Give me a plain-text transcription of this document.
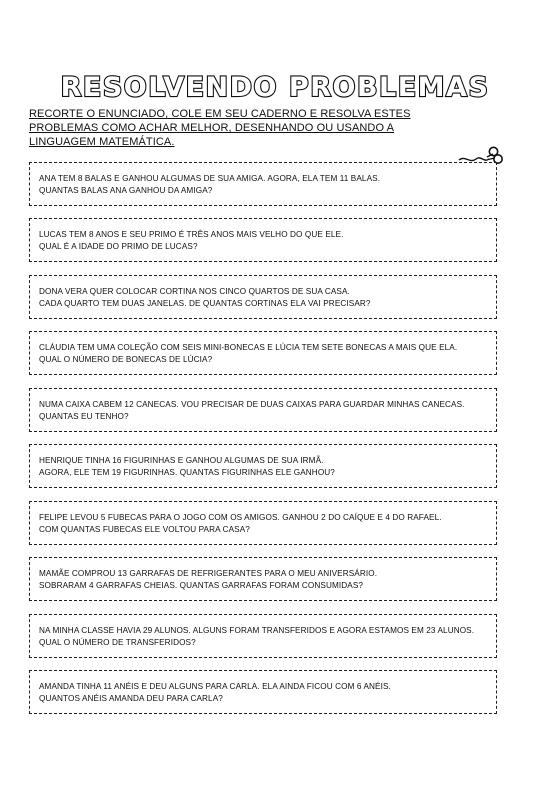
RESOLVENDO PROBLEMAS
RECORTE O ENUNCIADO, COLE EM SEU CADERNO E RESOLVA ESTES
PROBLEMAS COMO ACHAR MELHOR, DESENHANDO OU USANDO A
LINGUAGEM MATEMÁTICA.
ANA TEM 8 BALAS E GANHOU ALGUMAS DE SUA AMIGA. AGORA, ELA TEM 11 BALAS.
QUANTAS BALAS ANA GANHOU DA AMIGA?
LUCAS TEM 8 ANOS E SEU PRIMO É TRÊS ANOS MAIS VELHO DO QUE ELE.
QUAL É A IDADE DO PRIMO DE LUCAS?
DONA VERA QUER COLOCAR CORTINA NOS CINCO QUARTOS DE SUA CASA.
CADA QUARTO TEM DUAS JANELAS. DE QUANTAS CORTINAS ELA VAI PRECISAR?
CLÁUDIA TEM UMA COLEÇÃO COM SEIS MINI-BONECAS E LÚCIA TEM SETE BONECAS A MAIS QUE ELA.
QUAL O NÚMERO DE BONECAS DE LÚCIA?
NUMA CAIXA CABEM 12 CANECAS. VOU PRECISAR DE DUAS CAIXAS PARA GUARDAR MINHAS CANECAS.
QUANTAS EU TENHO?
HENRIQUE TINHA 16 FIGURINHAS E GANHOU ALGUMAS DE SUA IRMÃ.
AGORA, ELE TEM 19 FIGURINHAS. QUANTAS FIGURINHAS ELE GANHOU?
FELIPE LEVOU 5 FUBECAS PARA O JOGO COM OS AMIGOS. GANHOU 2 DO CAÍQUE E 4 DO RAFAEL.
COM QUANTAS FUBECAS ELE VOLTOU PARA CASA?
MAMÃE COMPROU 13 GARRAFAS DE REFRIGERANTES PARA O MEU ANIVERSÁRIO.
SOBRARAM 4 GARRAFAS CHEIAS. QUANTAS GARRAFAS FORAM CONSUMIDAS?
NA MINHA CLASSE HAVIA 29 ALUNOS. ALGUNS FORAM TRANSFERIDOS E AGORA ESTAMOS EM 23 ALUNOS.
QUAL O NÚMERO DE TRANSFERIDOS?
AMANDA TINHA 11 ANÉIS E DEU ALGUNS PARA CARLA. ELA AINDA FICOU COM 6 ANÉIS.
QUANTOS ANÉIS AMANDA DEU PARA CARLA?
